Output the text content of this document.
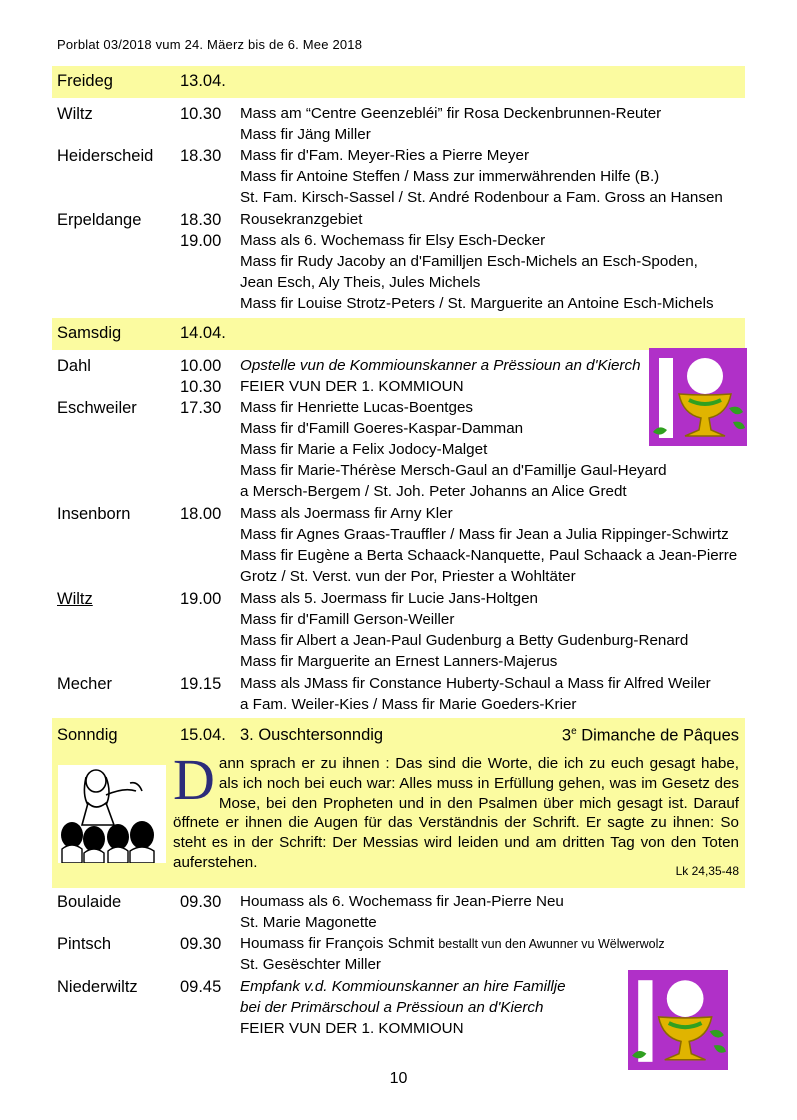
Porblat 03/2018 vum 24. Mäerz bis de 6. Mee 2018
Freideg	13.04.
Wiltz	10.30 Mass am “Centre Geenzebléi” fir Rosa Deckenbrunnen-Reuter
Mass fir Jäng Miller
Heiderscheid 18.30 Mass fir d'Fam. Meyer-Ries a Pierre Meyer
Mass fir Antoine Steffen / Mass zur immerwährenden Hilfe (B.)
St. Fam. Kirsch-Sassel / St. André Rodenbour a Fam. Gross an Hansen
Erpeldange 18.30 Rousekranzgebiet
19.00 Mass als 6. Wochemass fir Elsy Esch-Decker
Mass fir Rudy Jacoby an d'Familljen Esch-Michels an Esch-Spoden,
Jean Esch, Aly Theis, Jules Michels
Mass fir Louise Strotz-Peters / St. Marguerite an Antoine Esch-Michels
Samsdig	14.04.
Dahl	10.00 Opstelle vun de Kommiounskanner a Prëssioun an d'Kierch
10.30 FEIER VUN DER 1. KOMMIOUN
Eschweiler	17.30 Mass fir Henriette Lucas-Boentges
Mass fir d'Famill Goeres-Kaspar-Damman
Mass fir Marie a Felix Jodocy-Malget
Mass fir Marie-Thérèse Mersch-Gaul an d'Famillje Gaul-Heyard
a Mersch-Bergem / St. Joh. Peter Johanns an Alice Gredt
Insenborn	18.00 Mass als Joermass fir Arny Kler
Mass fir Agnes Graas-Trauffler / Mass fir Jean a Julia Rippinger-Schwirtz
Mass fir Eugène a Berta Schaack-Nanquette, Paul Schaack a Jean-Pierre
Grotz / St. Verst. vun der Por, Priester a Wohltäter
Wiltz	19.00 Mass als 5. Joermass fir Lucie Jans-Holtgen
Mass fir d'Famill Gerson-Weiller
Mass fir Albert a Jean-Paul Gudenburg a Betty Gudenburg-Renard
Mass fir Marguerite an Ernest Lanners-Majerus
Mecher	19.15 Mass als JMass fir Constance Huberty-Schaul a Mass fir Alfred Weiler
a Fam. Weiler-Kies / Mass fir Marie Goeders-Krier
Sonndig	15.04. 3. Ouschtersonndig	3e Dimanche de Pâques
Dann sprach er zu ihnen : Das sind die Worte, die ich zu euch gesagt habe, als ich noch bei euch war: Alles muss in Erfüllung gehen, was im Gesetz des Mose, bei den Propheten und in den Psalmen über mich gesagt ist. Darauf öffnete er ihnen die Augen für das Verständnis der Schrift. Er sagte zu ihnen: So steht es in der Schrift: Der Messias wird leiden und am dritten Tag von den Toten auferstehen.
Lk 24,35-48
Boulaide	09.30 Houmass als 6. Wochemass fir Jean-Pierre Neu
St. Marie Magonette
Pintsch	09.30 Houmass fir François Schmit bestallt vun den Awunner vu Wëlwerwolz
St. Gesëschter Miller
Niederwiltz	09.45 Empfank v.d. Kommiounskanner an hire Famillje
bei der Primärschoul a Prëssioun an d'Kierch
FEIER VUN DER 1. KOMMIOUN
10
